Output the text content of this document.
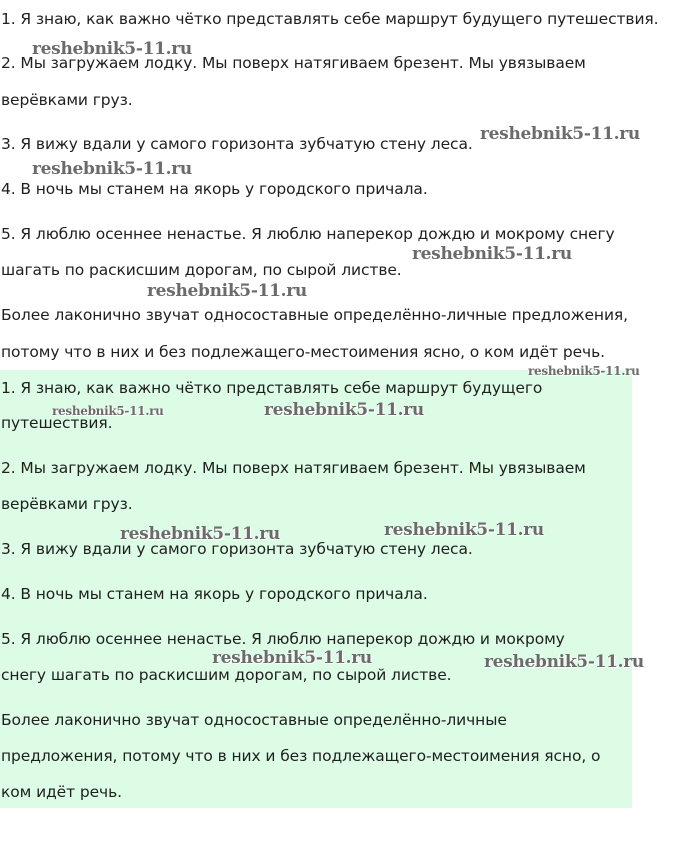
1. Я знаю, как важно чётко представлять себе маршрут будущего путешествия.

2. Мы загружаем лодку. Мы поверх натягиваем брезент. Мы увязываем

верёвками груз.

3. Я вижу вдали у самого горизонта зубчатую стену леса.

4. В ночь мы станем на якорь у городского причала.

5. Я люблю осеннее ненастье. Я люблю наперекор дождю и мокрому снегу

шагать по раскисшим дорогам, по сырой листве.

Более лаконично звучат односоставные определённо-личные предложения,

потому что в них и без подлежащего-местоимения ясно, о ком идёт речь.

1. Я знаю, как важно чётко представлять себе маршрут будущего

путешествия.

2. Мы загружаем лодку. Мы поверх натягиваем брезент. Мы увязываем

верёвками груз.

3. Я вижу вдали у самого горизонта зубчатую стену леса.

4. В ночь мы станем на якорь у городского причала.

5. Я люблю осеннее ненастье. Я люблю наперекор дождю и мокрому

снегу шагать по раскисшим дорогам, по сырой листве.

Более лаконично звучат односоставные определённо-личные

предложения, потому что в них и без подлежащего-местоимения ясно, о

ком идёт речь.

reshebnik5-11.ru
reshebnik5-11.ru
reshebnik5-11.ru
reshebnik5-11.ru
reshebnik5-11.ru
reshebnik5-11.ru
reshebnik5-11.ru	reshebnik5-11.ru
reshebnik5-11.ru
reshebnik5-11.ru
reshebnik5-11.ru	reshebnik5-11.ru
